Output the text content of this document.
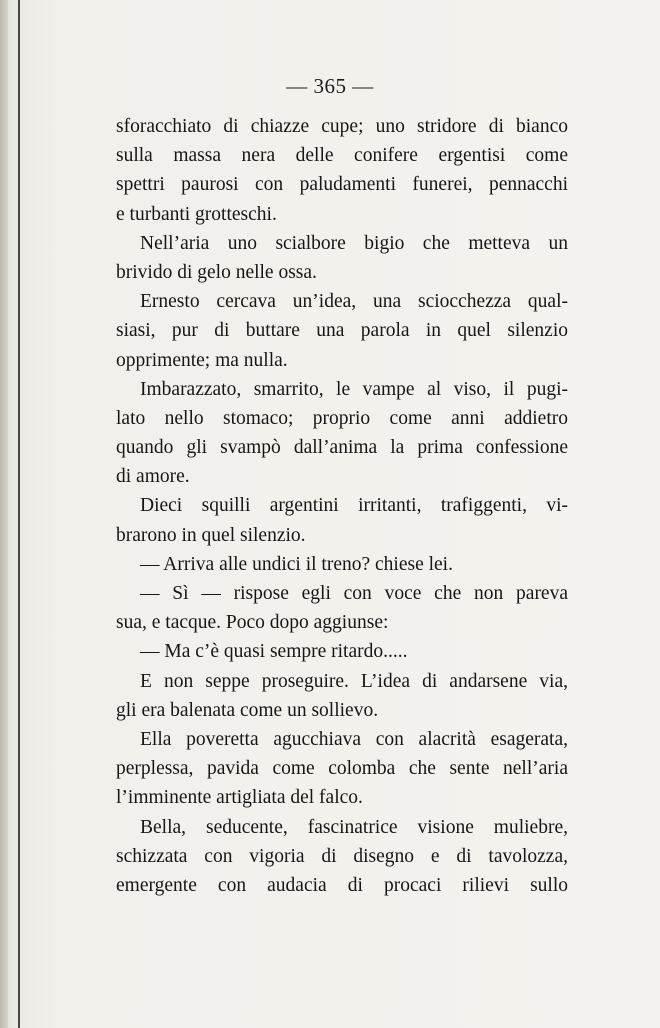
— 365 —
sforacchiato di chiazze cupe; uno stridore di bianco
sulla massa nera delle conifere ergentisi come
spettri paurosi con paludamenti funerei, pennacchi
e turbanti grotteschi.
Nell’aria uno scialbore bigio che metteva un
brivido di gelo nelle ossa.
Ernesto cercava un’idea, una sciocchezza qual-
siasi, pur di buttare una parola in quel silenzio
opprimente; ma nulla.
Imbarazzato, smarrito, le vampe al viso, il pugi-
lato nello stomaco; proprio come anni addietro
quando gli svampò dall’anima la prima confessione
di amore.
Dieci squilli argentini irritanti, trafiggenti, vi-
brarono in quel silenzio.
— Arriva alle undici il treno? chiese lei.
— Sì — rispose egli con voce che non pareva
sua, e tacque. Poco dopo aggiunse:
— Ma c’è quasi sempre ritardo.....
E non seppe proseguire. L’idea di andarsene via,
gli era balenata come un sollievo.
Ella poveretta agucchiava con alacrità esagerata,
perplessa, pavida come colomba che sente nell’aria
l’imminente artigliata del falco.
Bella, seducente, fascinatrice visione muliebre,
schizzata con vigoria di disegno e di tavolozza,
emergente con audacia di procaci rilievi sullo
